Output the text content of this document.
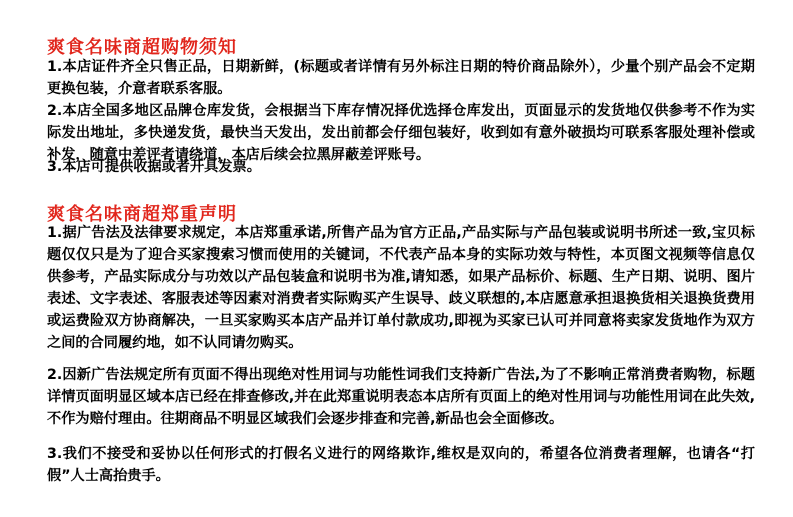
爽食名味商超购物须知
1.本店证件齐全只售正品，日期新鲜，(标题或者详情有另外标注日期的特价商品除外），少量个别产品会不定期更换包装，介意者联系客服。
2.本店全国多地区品牌仓库发货，会根据当下库存情况择优选择仓库发出，页面显示的发货地仅供参考不作为实际发出地址，多快递发货，最快当天发出，发出前都会仔细包装好，收到如有意外破损均可联系客服处理补偿或补发，随意中差评者请绕道，本店后续会拉黑屏蔽差评账号。
3.本店可提供收据或者开具发票。
爽食名味商超郑重声明
1.据广告法及法律要求规定，本店郑重承诺,所售产品为官方正品,产品实际与产品包装或说明书所述一致,宝贝标题仅仅只是为了迎合买家搜索习惯而使用的关键词，不代表产品本身的实际功效与特性，本页图文视频等信息仅供参考，产品实际成分与功效以产品包装盒和说明书为准,请知悉，如果产品标价、标题、生产日期、说明、图片表述、文字表述、客服表述等因素对消费者实际购买产生误导、歧义联想的,本店愿意承担退换货相关退换货费用或运费险双方协商解决，一旦买家购买本店产品并订单付款成功,即视为买家已认可并同意将卖家发货地作为双方之间的合同履约地，如不认同请勿购买。
2.因新广告法规定所有页面不得出现绝对性用词与功能性词我们支持新广告法,为了不影响正常消费者购物，标题详情页面明显区域本店已经在排查修改,并在此郑重说明表态本店所有页面上的绝对性用词与功能性用词在此失效,不作为赔付理由。往期商品不明显区域我们会逐步排查和完善,新品也会全面修改。
3.我们不接受和妥协以任何形式的打假名义进行的网络欺诈,维权是双向的，希望各位消费者理解，也请各“打假”人士高抬贵手。
